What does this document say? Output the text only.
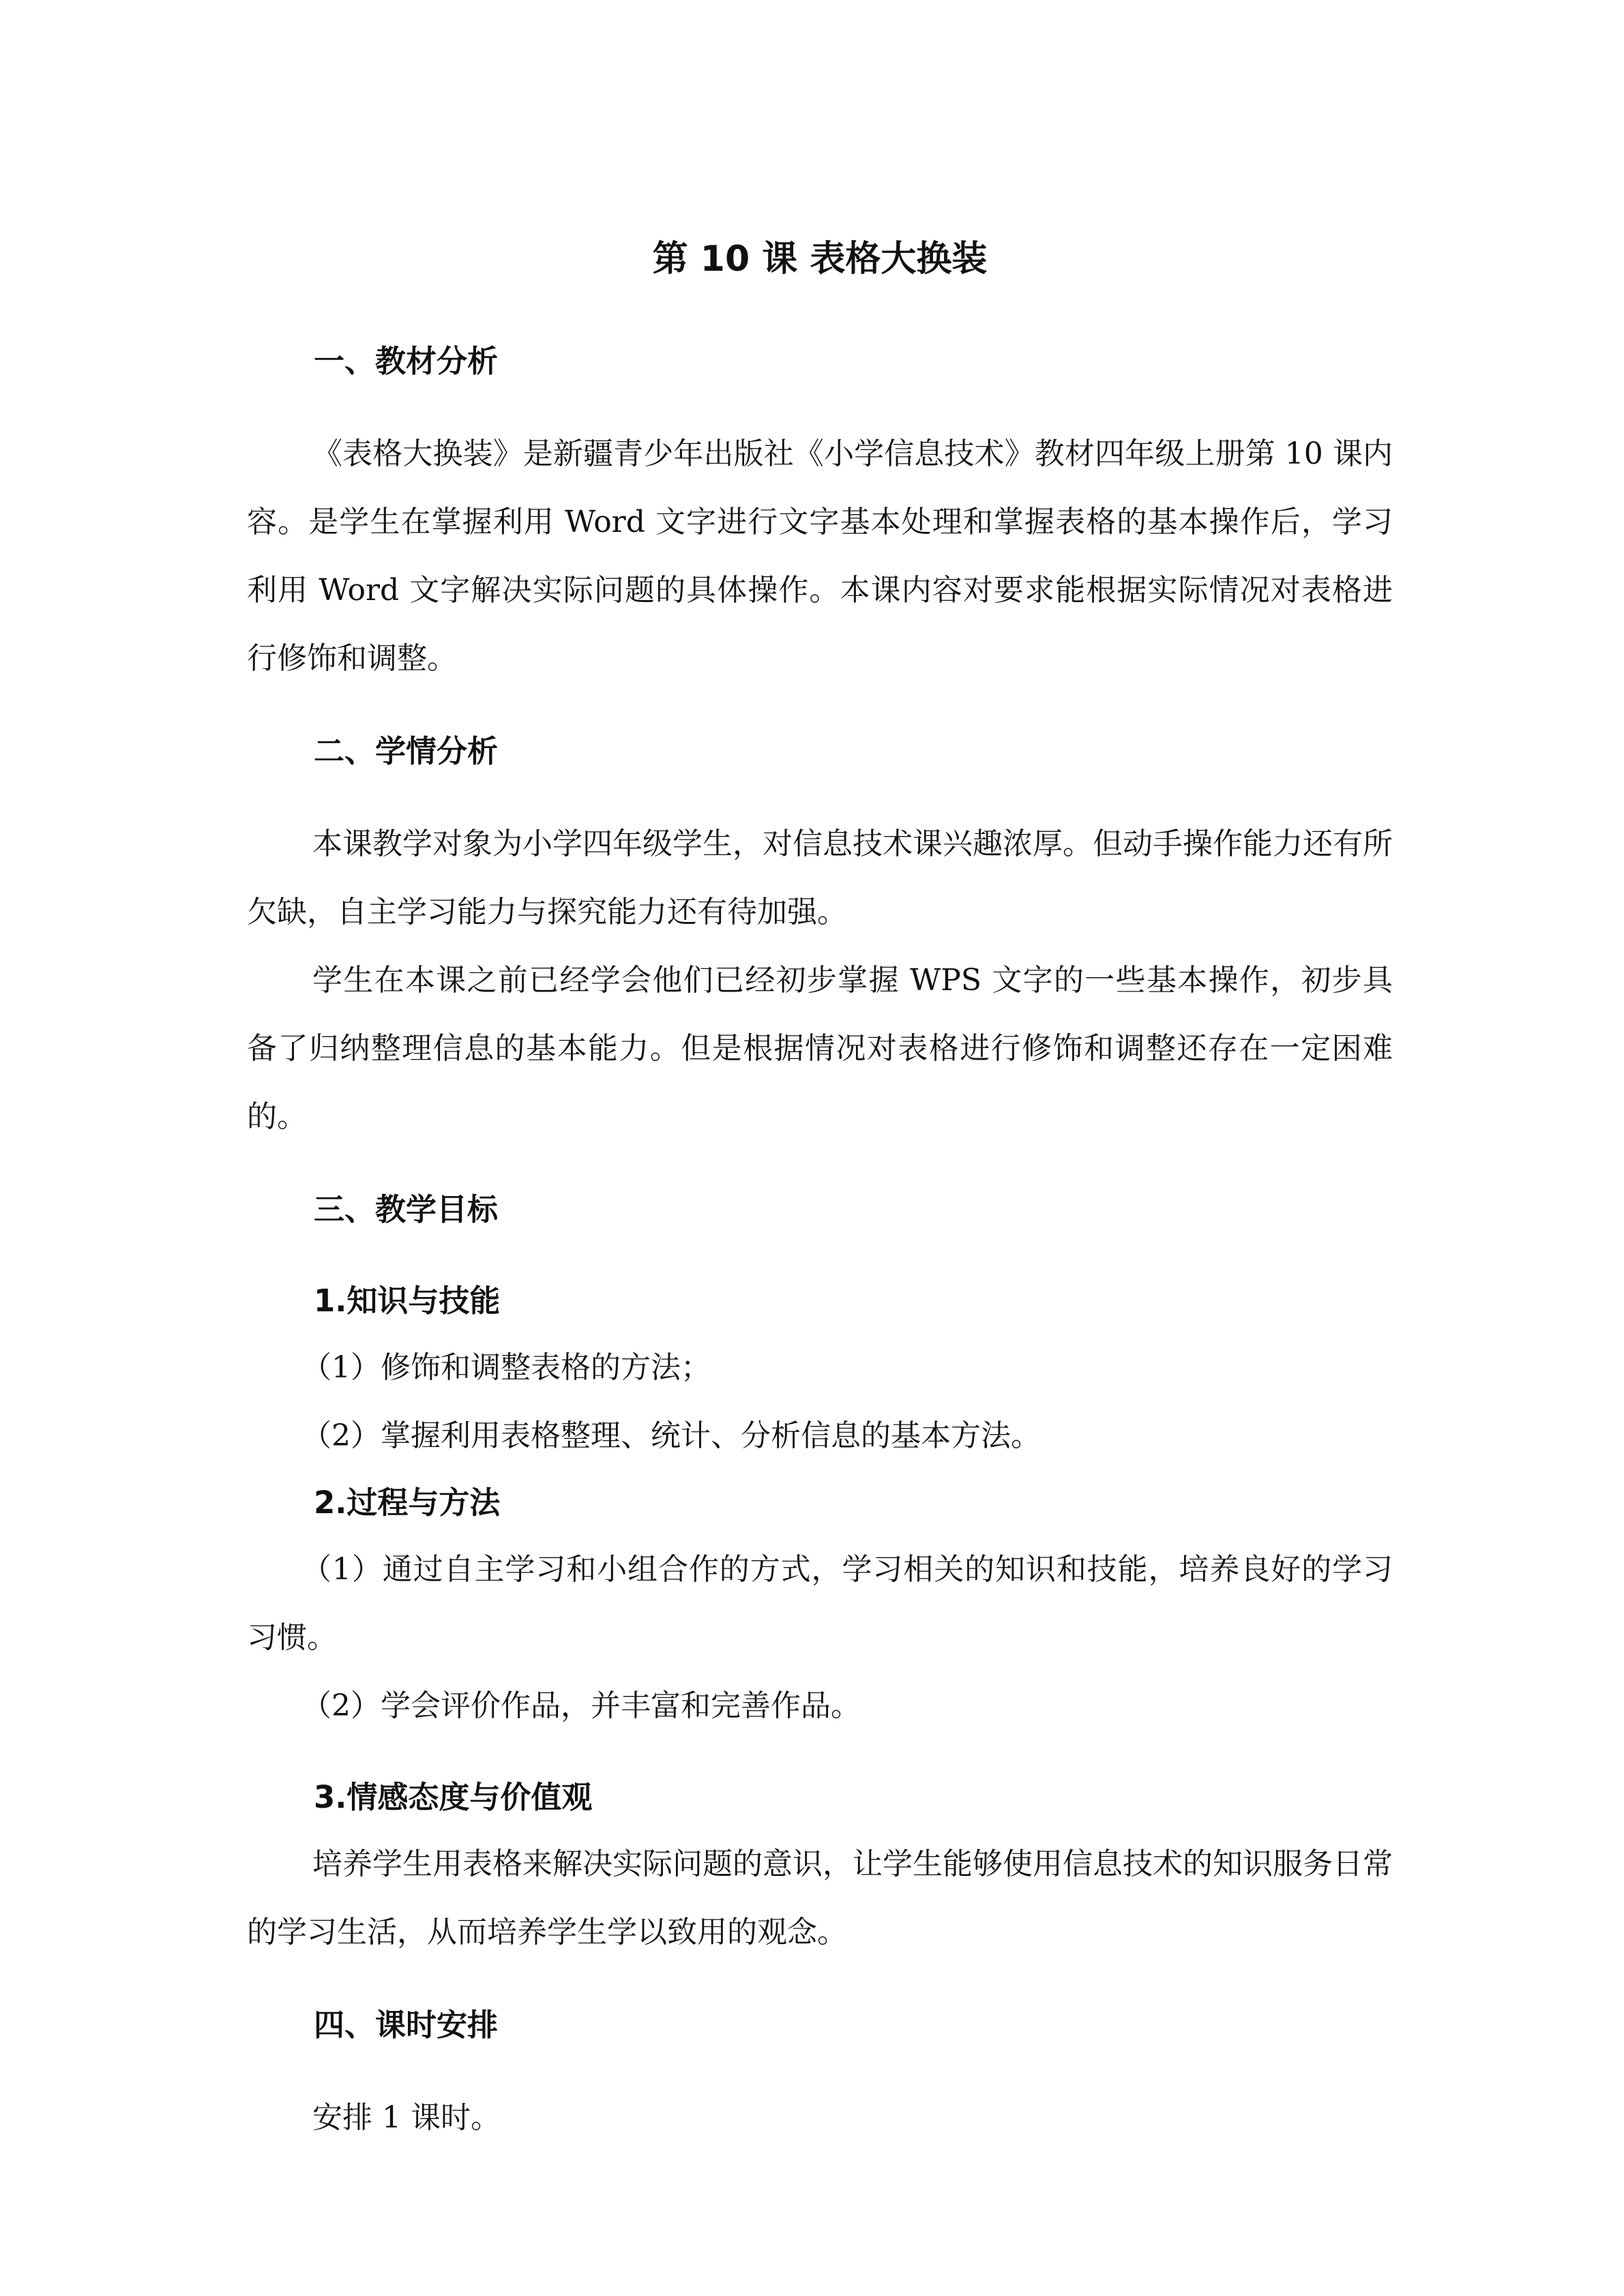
第 10 课 表格大换装
一、教材分析

《表格大换装》是新疆青少年出版社《小学信息技术》教材四年级上册第 10 课内容。是学生在掌握利用 Word 文字进行文字基本处理和掌握表格的基本操作后，学习利用 Word 文字解决实际问题的具体操作。本课内容对要求能根据实际情况对表格进行修饰和调整。

二、学情分析

本课教学对象为小学四年级学生，对信息技术课兴趣浓厚。但动手操作能力还有所欠缺，自主学习能力与探究能力还有待加强。

学生在本课之前已经学会他们已经初步掌握 WPS 文字的一些基本操作，初步具备了归纳整理信息的基本能力。但是根据情况对表格进行修饰和调整还存在一定困难的。

三、教学目标
1.知识与技能

（1）修饰和调整表格的方法；

（2）掌握利用表格整理、统计、分析信息的基本方法。

2.过程与方法

（1）通过自主学习和小组合作的方式，学习相关的知识和技能，培养良好的学习习惯。

（2）学会评价作品，并丰富和完善作品。

3.情感态度与价值观

培养学生用表格来解决实际问题的意识，让学生能够使用信息技术的知识服务日常的学习生活，从而培养学生学以致用的观念。

四、课时安排

安排 1 课时。
